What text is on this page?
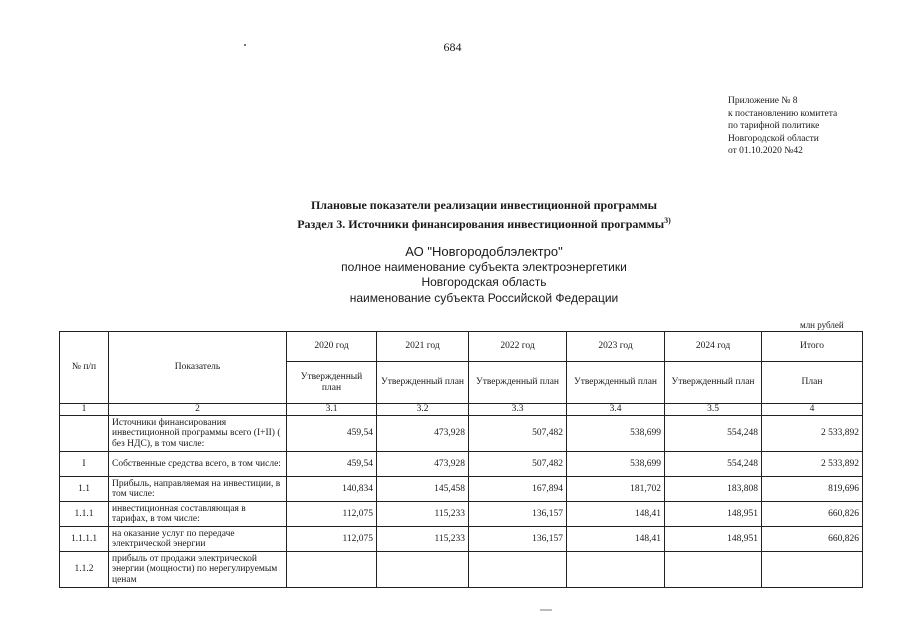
684
Приложение № 8
к постановлению комитета
по тарифной политике
Новгородской области
от 01.10.2020 №42
Плановые показатели реализации инвестиционной программы
Раздел 3. Источники финансирования инвестиционной программы$^{3)}$
АО "Новгородоблэлектро"
полное наименование субъекта электроэнергетики
Новгородская область
наименование субъекта Российской Федерации
млн рублей
№ п/п	Показатель	2020 год	2021 год	2022 год	2023 год	2024 год	Итого
		Утвержденный план	Утвержденный план	Утвержденный план	Утвержденный план	Утвержденный план	План
1	2	3.1	3.2	3.3	3.4	3.5	4
	Источники финансирования инвестиционной программы всего (I+II) ( без НДС), в том числе:	459,54	473,928	507,482	538,699	554,248	2 533,892
I	Собственные средства всего, в том числе:	459,54	473,928	507,482	538,699	554,248	2 533,892
1.1	Прибыль, направляемая на инвестиции, в том числе:	140,834	145,458	167,894	181,702	183,808	819,696
1.1.1	инвестиционная составляющая в тарифах, в том числе:	112,075	115,233	136,157	148,41	148,951	660,826
1.1.1.1	на оказание услуг по передаче электрической энергии	112,075	115,233	136,157	148,41	148,951	660,826
1.1.2	прибыль от продажи электрической энергии (мощности) по нерегулируемым ценам						
